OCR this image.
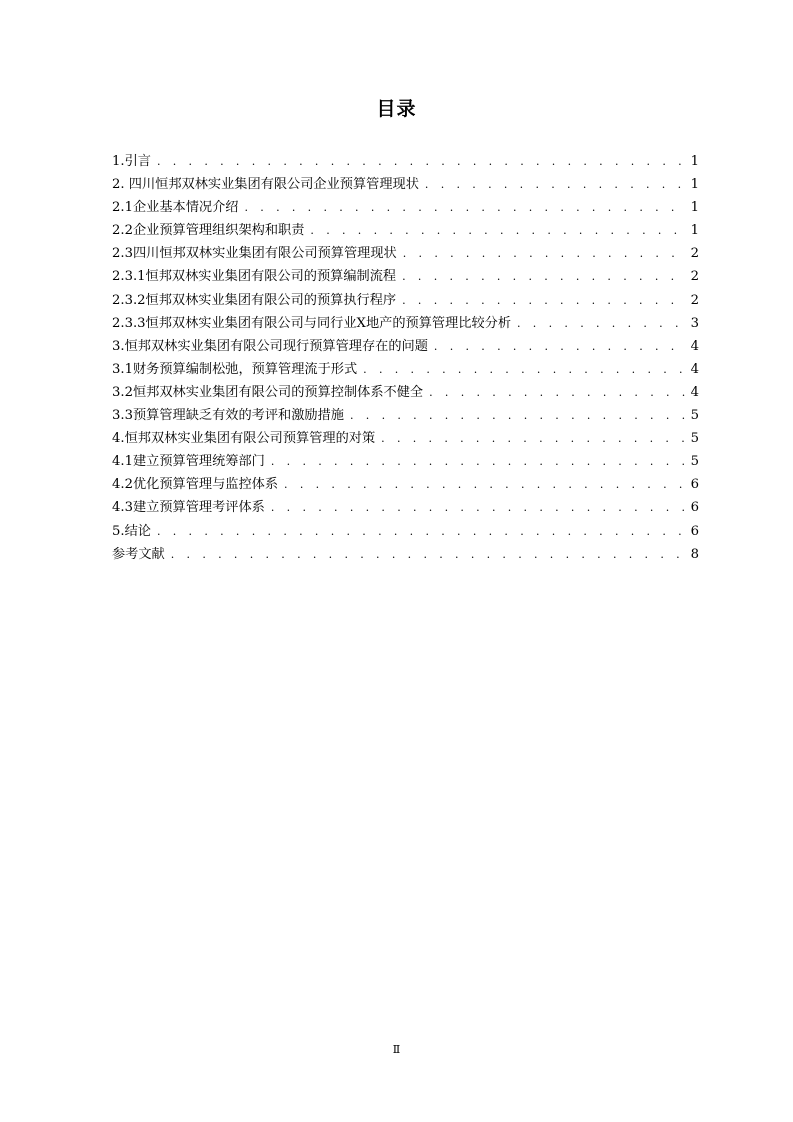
目录
1.引言 . . .	1
2. 四川恒邦双林实业集团有限公司企业预算管理现状 . . .	1
2.1企业基本情况介绍 . . .	1
2.2企业预算管理组织架构和职责 . . .	1
2.3四川恒邦双林实业集团有限公司预算管理现状 . . .	2
2.3.1恒邦双林实业集团有限公司的预算编制流程 . . .	2
2.3.2恒邦双林实业集团有限公司的预算执行程序 . . .	2
2.3.3恒邦双林实业集团有限公司与同行业X地产的预算管理比较分析 . . .	3
3.恒邦双林实业集团有限公司现行预算管理存在的问题 . . .	4
3.1财务预算编制松弛，预算管理流于形式 . . .	4
3.2恒邦双林实业集团有限公司的预算控制体系不健全 . . .	4
3.3预算管理缺乏有效的考评和激励措施 . . .	5
4.恒邦双林实业集团有限公司预算管理的对策 . . .	5
4.1建立预算管理统筹部门 . . .	5
4.2优化预算管理与监控体系 . . .	6
4.3建立预算管理考评体系 . . .	6
5.结论 . . .	6
参考文献 . . .	8
Ⅱ
